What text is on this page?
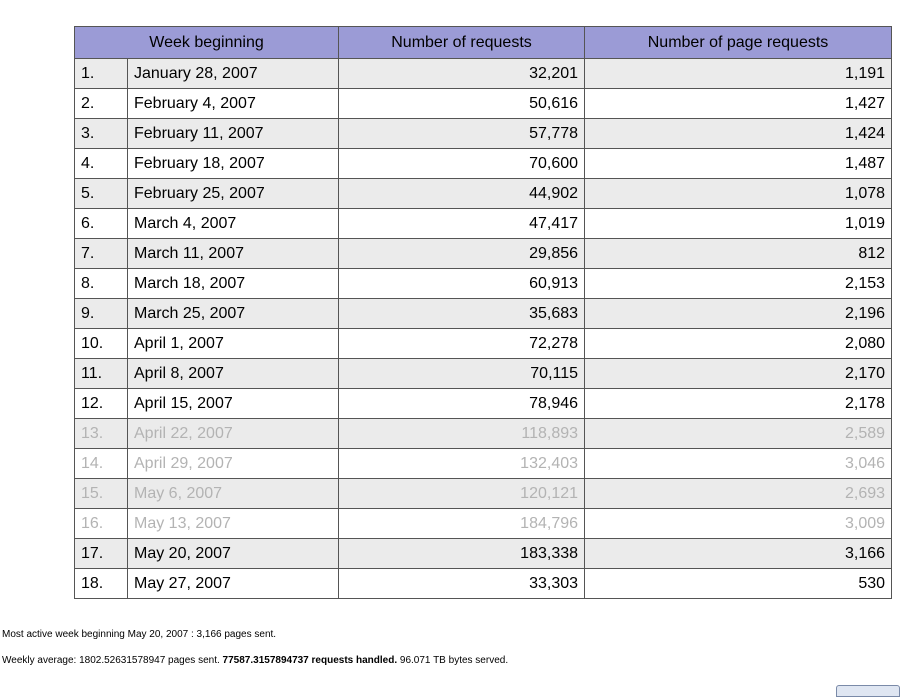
Week beginning		Number of requests	Number of page requests
1.	January 28, 2007	32,201	1,191
2.	February 4, 2007	50,616	1,427
3.	February 11, 2007	57,778	1,424
4.	February 18, 2007	70,600	1,487
5.	February 25, 2007	44,902	1,078
6.	March 4, 2007	47,417	1,019
7.	March 11, 2007	29,856	812
8.	March 18, 2007	60,913	2,153
9.	March 25, 2007	35,683	2,196
10.	April 1, 2007	72,278	2,080
11.	April 8, 2007	70,115	2,170
12.	April 15, 2007	78,946	2,178
13.	April 22, 2007	118,893	2,589
14.	April 29, 2007	132,403	3,046
15.	May 6, 2007	120,121	2,693
16.	May 13, 2007	184,796	3,009
17.	May 20, 2007	183,338	3,166
18.	May 27, 2007	33,303	530
Most active week beginning May 20, 2007 : 3,166 pages sent.
Weekly average: 1802.52631578947 pages sent. 77587.3157894737 requests handled. 96.071 TB bytes served.
